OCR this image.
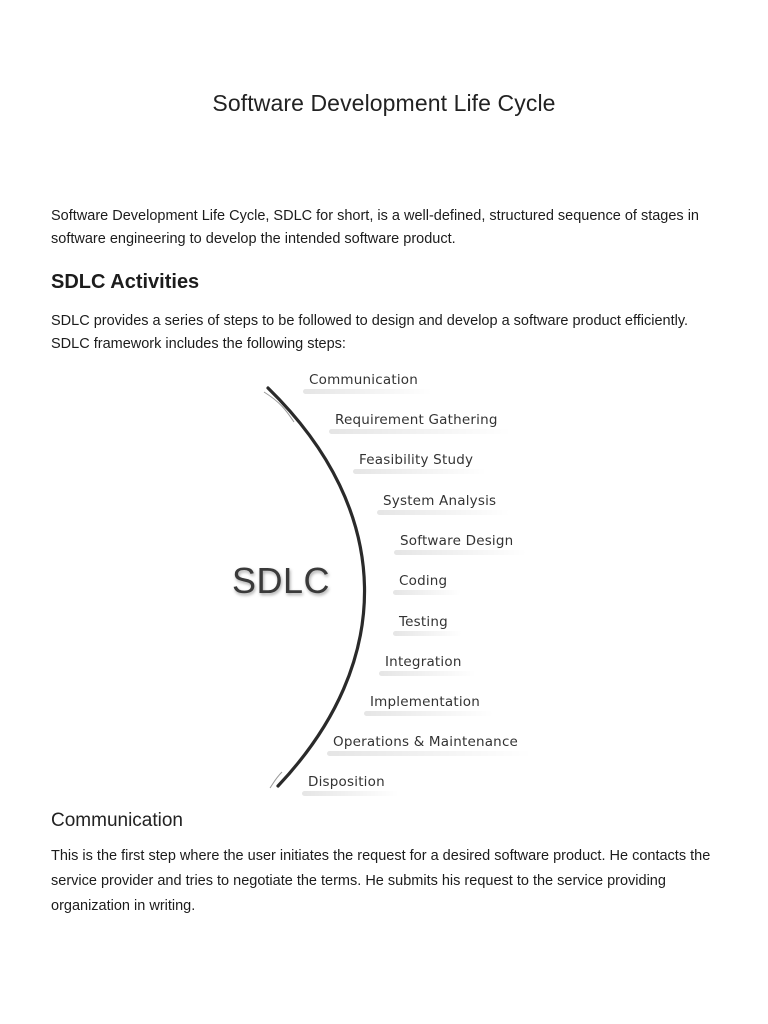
Software Development Life Cycle

Software Development Life Cycle, SDLC for short, is a well-defined, structured sequence of stages in software engineering to develop the intended software product.

SDLC Activities

SDLC provides a series of steps to be followed to design and develop a software product efficiently. SDLC framework includes the following steps:

SDLC
Communication
Requirement Gathering
Feasibility Study
System Analysis
Software Design
Coding
Testing
Integration
Implementation
Operations & Maintenance
Disposition
Communication

This is the first step where the user initiates the request for a desired software product. He contacts the service provider and tries to negotiate the terms. He submits his request to the service providing organization in writing.
